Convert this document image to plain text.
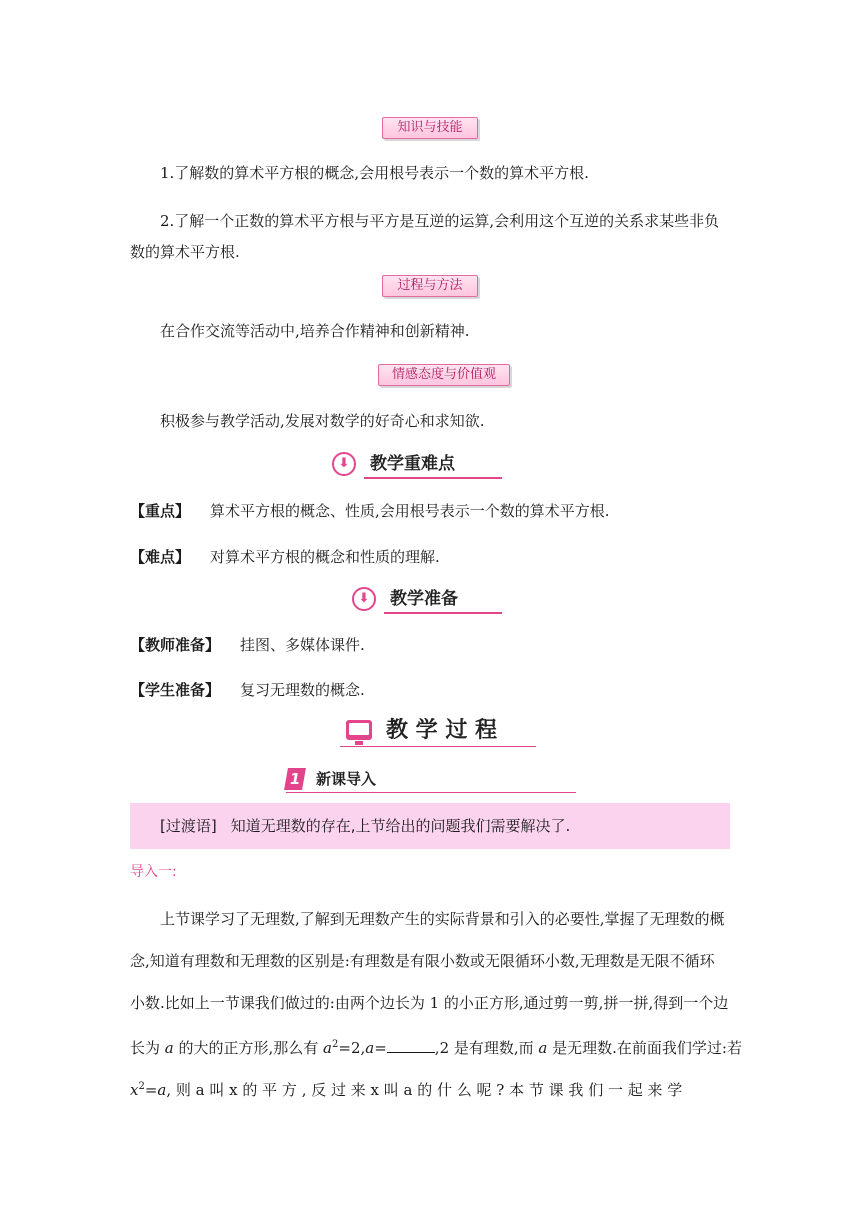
知识与技能
1.了解数的算术平方根的概念,会用根号表示一个数的算术平方根.
2.了解一个正数的算术平方根与平方是互逆的运算,会利用这个互逆的关系求某些非负
数的算术平方根.
过程与方法
在合作交流等活动中,培养合作精神和创新精神.
情感态度与价值观
积极参与教学活动,发展对数学的好奇心和求知欲.
⬇	教学重难点
【重点】 算术平方根的概念、性质,会用根号表示一个数的算术平方根.
【难点】 对算术平方根的概念和性质的理解.
⬇	教学准备
【教师准备】 挂图、多媒体课件.
【学生准备】 复习无理数的概念.
教 学 过 程
1 新课导入
[过渡语] 知道无理数的存在,上节给出的问题我们需要解决了.
导入一:
上节课学习了无理数,了解到无理数产生的实际背景和引入的必要性,掌握了无理数的概
念,知道有理数和无理数的区别是:有理数是有限小数或无限循环小数,无理数是无限不循环
小数.比如上一节课我们做过的:由两个边长为 1 的小正方形,通过剪一剪,拼一拼,得到一个边
长为 a 的大的正方形,那么有 $a^2=2,a=$	,2 是有理数,而 a 是无理数.在前面我们学过:若
$x^2=a$, 则 a 叫 x 的 平 方 , 反 过 来 x 叫 a 的 什 么 呢 ? 本 节 课 我 们 一 起 来 学
